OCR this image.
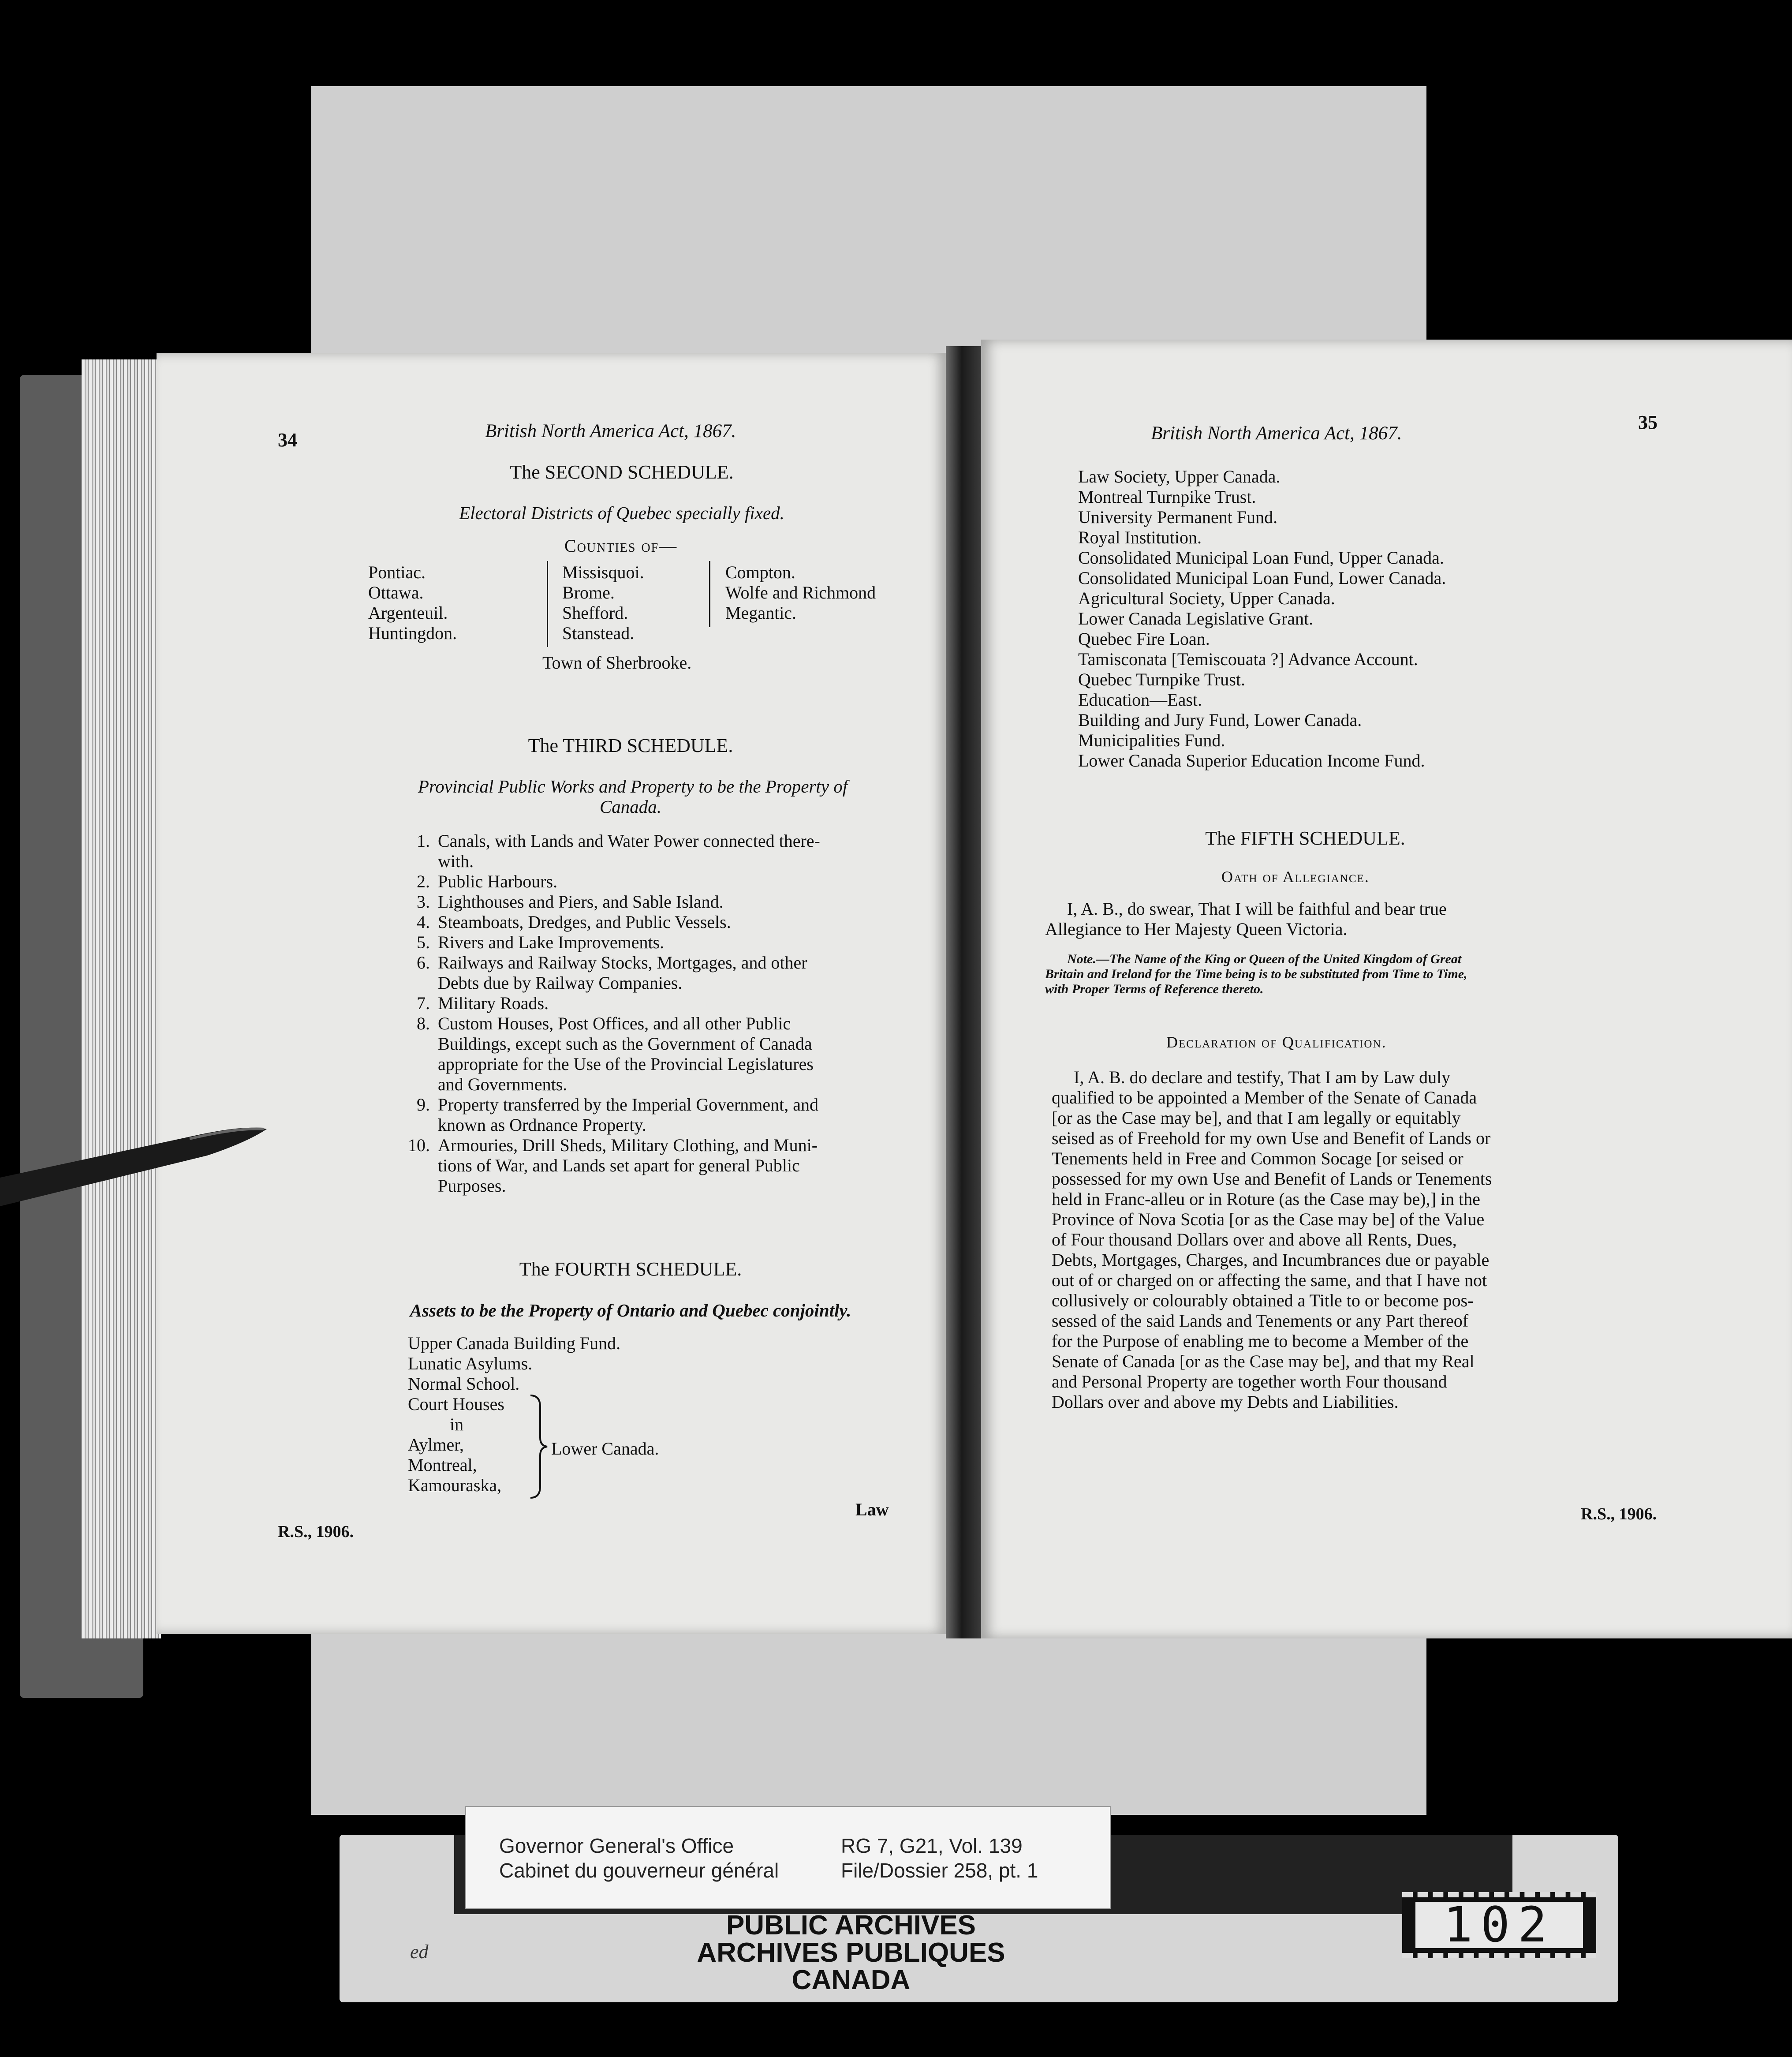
34	British North America Act, 1867.
The SECOND SCHEDULE.
Electoral Districts of Quebec specially fixed.
Counties of—
Pontiac.
Ottawa.
Argenteuil.
Huntingdon.
Missisquoi.
Brome.
Shefford.
Stanstead.
Compton.
Wolfe and Richmond
Megantic.
Town of Sherbrooke.
The THIRD SCHEDULE.
Provincial Public Works and Property to be the Property of
Canada.
1. Canals, with Lands and Water Power connected there-
with.
2. Public Harbours.
3. Lighthouses and Piers, and Sable Island.
4. Steamboats, Dredges, and Public Vessels.
5. Rivers and Lake Improvements.
6. Railways and Railway Stocks, Mortgages, and other
Debts due by Railway Companies.
7. Military Roads.
8. Custom Houses, Post Offices, and all other Public
Buildings, except such as the Government of Canada
appropriate for the Use of the Provincial Legislatures
and Governments.
9. Property transferred by the Imperial Government, and
known as Ordnance Property.
10. Armouries, Drill Sheds, Military Clothing, and Muni-
tions of War, and Lands set apart for general Public
Purposes.
The FOURTH SCHEDULE.
Assets to be the Property of Ontario and Quebec conjointly.
Upper Canada Building Fund.
Lunatic Asylums.
Normal School.
Court Houses
in
Aylmer,
Montreal,
Kamouraska,
Lower Canada.
R.S., 1906.
Law
British North America Act, 1867.
35
Law Society, Upper Canada.
Montreal Turnpike Trust.
University Permanent Fund.
Royal Institution.
Consolidated Municipal Loan Fund, Upper Canada.
Consolidated Municipal Loan Fund, Lower Canada.
Agricultural Society, Upper Canada.
Lower Canada Legislative Grant.
Quebec Fire Loan.
Tamisconata [Temiscouata ?] Advance Account.
Quebec Turnpike Trust.
Education—East.
Building and Jury Fund, Lower Canada.
Municipalities Fund.
Lower Canada Superior Education Income Fund.
The FIFTH SCHEDULE.
Oath of Allegiance.
I, A. B., do swear, That I will be faithful and bear true
Allegiance to Her Majesty Queen Victoria.
Note.—The Name of the King or Queen of the United Kingdom of Great
Britain and Ireland for the Time being is to be substituted from Time to Time,
with Proper Terms of Reference thereto.
Declaration of Qualification.
I, A. B. do declare and testify, That I am by Law duly
qualified to be appointed a Member of the Senate of Canada
[or as the Case may be], and that I am legally or equitably
seised as of Freehold for my own Use and Benefit of Lands or
Tenements held in Free and Common Socage [or seised or
possessed for my own Use and Benefit of Lands or Tenements
held in Franc-alleu or in Roture (as the Case may be),] in the
Province of Nova Scotia [or as the Case may be] of the Value
of Four thousand Dollars over and above all Rents, Dues,
Debts, Mortgages, Charges, and Incumbrances due or payable
out of or charged on or affecting the same, and that I have not
collusively or colourably obtained a Title to or become pos-
sessed of the said Lands and Tenements or any Part thereof
for the Purpose of enabling me to become a Member of the
Senate of Canada [or as the Case may be], and that my Real
and Personal Property are together worth Four thousand
Dollars over and above my Debts and Liabilities.
R.S., 1906.
Governor General's Office
Cabinet du gouverneur général
RG 7, G21, Vol. 139
File/Dossier 258, pt. 1
PUBLIC ARCHIVES
ARCHIVES PUBLIQUES
CANADA
ed	102
